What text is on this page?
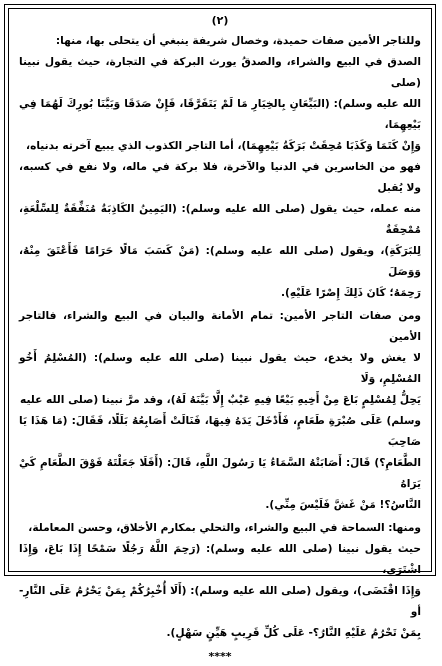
(٢)
وللتاجر الأمين صفات حميدة، وخصال شريفة ينبغي أن يتحلى بها، منها:
الصدق في البيع والشراء، والصدقُ يورث البركة في التجارة، حيث يقول نبينا (صلى
الله عليه وسلم): (البَيِّعَانِ بِالخِيَارِ مَا لَمْ يَتَفَرَّقَا، فَإِنْ صَدَقَا وَبَيَّنَا بُورِكَ لَهُمَا فِي بَيْعِهِمَا،
وَإِنْ كَتَمَا وَكَذَبَا مُحِقَتْ بَرَكَةُ بَيْعِهِمَا)، أما التاجر الكذوب الذي يبيع آخرته بدنياه،
فهو من الخاسرين في الدنيا والآخرة، فلا بركة في ماله، ولا نفع في كسبه، ولا يُقبل
منه عمله، حيث يقول (صلى الله عليه وسلم): (اليَمِينُ الكَاذِبَةُ مُنَفِّقَةٌ لِلسِّلْعَةِ، مُمْحِقَةٌ
لِلبَرَكَةِ)، ويقول (صلى الله عليه وسلم): (مَنْ كَسَبَ مَالًا حَرَامًا فَأَعْتَقَ مِنْهُ، وَوَصَلَ
رَحِمَهُ؛ كَانَ ذَلِكَ إِصْرًا عَلَيْهِ).
ومن صفات التاجر الأمين: تمام الأمانة والبيان في البيع والشراء، فالتاجر الأمين
لا يغش ولا يخدع، حيث يقول نبينا (صلى الله عليه وسلم): (المُسْلِمُ أَخُو المُسْلِمِ، وَلَا
يَحِلُّ لِمُسْلِمٍ بَاعَ مِنْ أَخِيهِ بَيْعًا فِيهِ عَيْبٌ إِلَّا بَيَّنَهُ لَهُ)، وقد مرَّ نبينا (صلى الله عليه
وسلم) عَلَى صُبْرَةِ طَعَامٍ، فَأَدْخَلَ يَدَهُ فِيهَا، فَنَالَتْ أَصَابِعُهُ بَلَلًا، فَقَالَ: (مَا هَذَا يَا صَاحِبَ
الطَّعَامِ؟) قَالَ: أَصَابَتْهُ السَّمَاءُ يَا رَسُولَ اللَّهِ، قَالَ: (أَفَلَا جَعَلْتَهُ فَوْقَ الطَّعَامِ كَيْ يَرَاهُ
النَّاسُ؟! مَنْ غَشَّ فَلَيْسَ مِنِّي).
ومنها: السماحة في البيع والشراء، والتحلي بمكارم الأخلاق، وحسن المعاملة،
حيث يقول نبينا (صلى الله عليه وسلم): (رَحِمَ اللَّهُ رَجُلًا سَمْحًا إِذَا بَاعَ، وَإِذَا اشْتَرَى،
وَإِذَا اقْتَضَى)، ويقول (صلى الله عليه وسلم): (أَلَا أُخْبِرُكُمْ بِمَنْ يَحْرُمُ عَلَى النَّارِ- أو
بِمَنْ تَحْرُمُ عَلَيْهِ النَّارُ؟- عَلَى كُلِّ قَرِيبٍ هَيِّنٍ سَهْلٍ).
****
